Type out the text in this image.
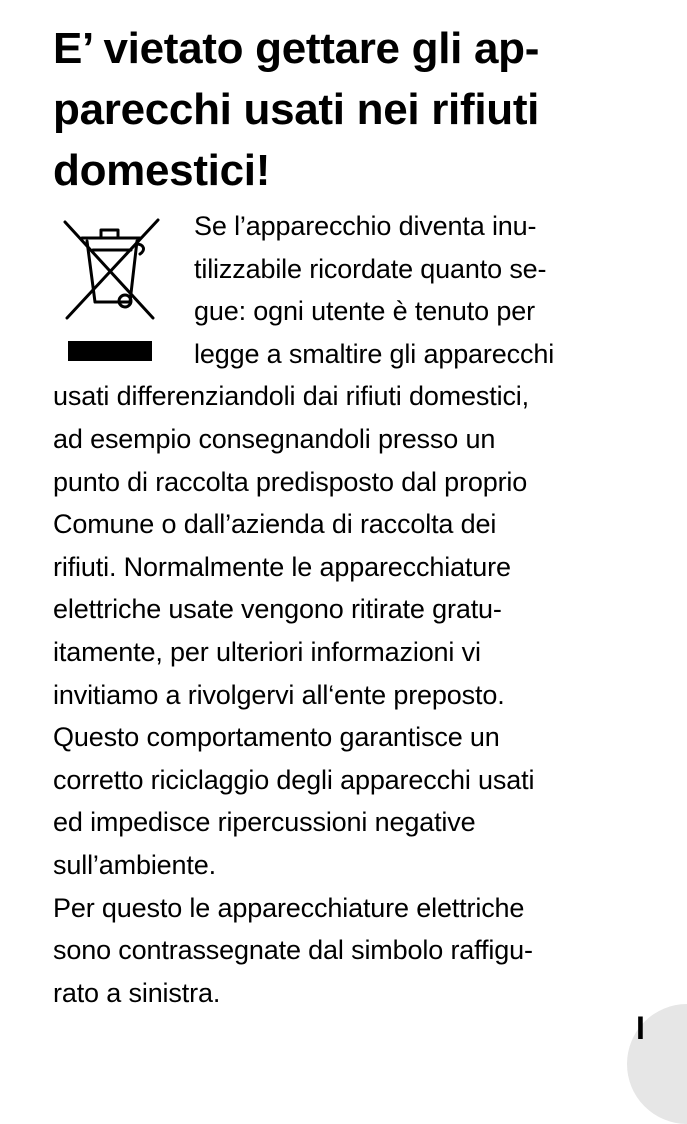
E’ vietato gettare gli ap-
parecchi usati nei rifiuti
domestici!
Se l’apparecchio diventa inu-
tilizzabile ricordate quanto se-
gue: ogni utente è tenuto per
legge a smaltire gli apparecchi
usati differenziandoli dai rifiuti domestici,
ad esempio consegnandoli presso un
punto di raccolta predisposto dal proprio
Comune o dall’azienda di raccolta dei
rifiuti. Normalmente le apparecchiature
elettriche usate vengono ritirate gratu-
itamente, per ulteriori informazioni vi
invitiamo a rivolgervi all‘ente preposto.
Questo comportamento garantisce un
corretto riciclaggio degli apparecchi usati
ed impedisce ripercussioni negative
sull’ambiente.
Per questo le apparecchiature elettriche
sono contrassegnate dal simbolo raffigu-
rato a sinistra.
I
